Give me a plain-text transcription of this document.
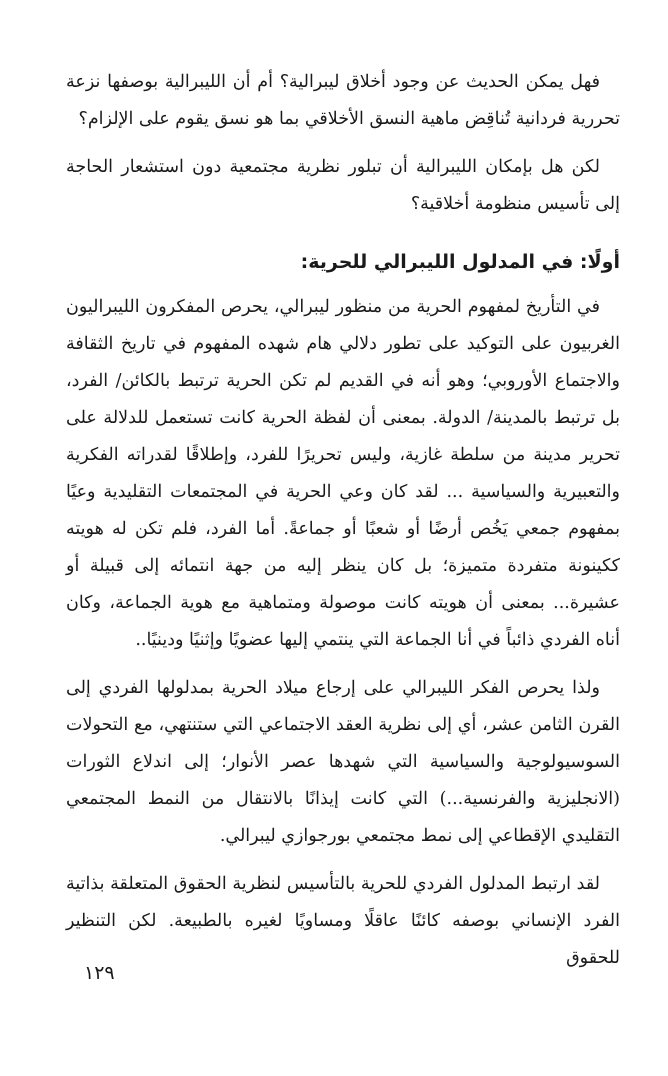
فهل يمكن الحديث عن وجود أخلاق ليبرالية؟ أم أن الليبرالية بوصفها نزعة تحررية فردانية تُناقِض ماهية النسق الأخلاقي بما هو نسق يقوم على الإلزام؟

لكن هل بإمكان الليبرالية أن تبلور نظرية مجتمعية دون استشعار الحاجة إلى تأسيس منظومة أخلاقية؟

أولًا: في المدلول الليبرالي للحرية:

في التأريخ لمفهوم الحرية من منظور ليبرالي، يحرص المفكرون الليبراليون الغربيون على التوكيد على تطور دلالي هام شهده المفهوم في تاريخ الثقافة والاجتماع الأوروبي؛ وهو أنه في القديم لم تكن الحرية ترتبط بالكائن/ الفرد، بل ترتبط بالمدينة/ الدولة. بمعنى أن لفظة الحرية كانت تستعمل للدلالة على تحرير مدينة من سلطة غازية، وليس تحريرًا للفرد، وإطلاقًا لقدراته الفكرية والتعبيرية والسياسية ... لقد كان وعي الحرية في المجتمعات التقليدية وعيًا بمفهوم جمعي يَخُص أرضًا أو شعبًا أو جماعةً. أما الفرد، فلم تكن له هويته ككينونة متفردة متميزة؛ بل كان ينظر إليه من جهة انتمائه إلى قبيلة أو عشيرة... بمعنى أن هويته كانت موصولة ومتماهية مع هوية الجماعة، وكان أناه الفردي ذائباً في أنا الجماعة التي ينتمي إليها عضويًا وإثنيًا ودينيًا..

ولذا يحرص الفكر الليبرالي على إرجاع ميلاد الحرية بمدلولها الفردي إلى القرن الثامن عشر، أي إلى نظرية العقد الاجتماعي التي ستنتهي، مع التحولات السوسيولوجية والسياسية التي شهدها عصر الأنوار؛ إلى اندلاع الثورات (الانجليزية والفرنسية...) التي كانت إيذانًا بالانتقال من النمط المجتمعي التقليدي الإقطاعي إلى نمط مجتمعي بورجوازي ليبرالي.

لقد ارتبط المدلول الفردي للحرية بالتأسيس لنظرية الحقوق المتعلقة بذاتية الفرد الإنساني بوصفه كائنًا عاقلًا ومساويًا لغيره بالطبيعة. لكن التنظير للحقوق

١٢٩
